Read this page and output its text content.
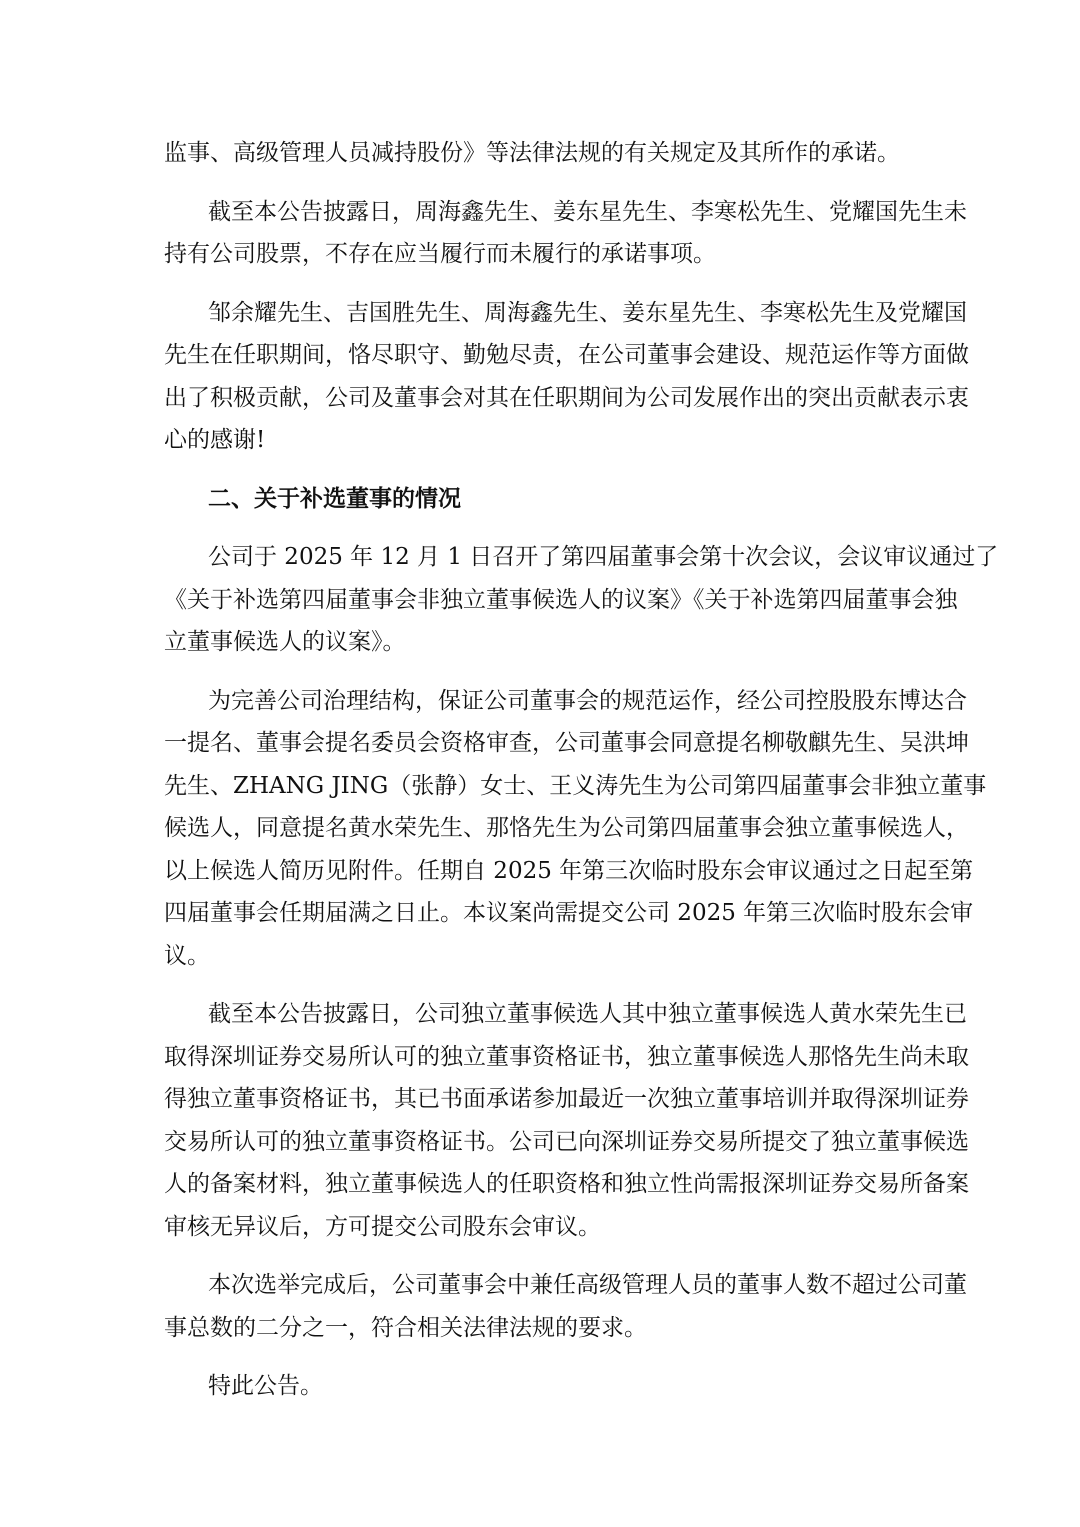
监事、高级管理人员减持股份》等法律法规的有关规定及其所作的承诺。
截至本公告披露日，周海鑫先生、姜东星先生、李寒松先生、党耀国先生未
持有公司股票，不存在应当履行而未履行的承诺事项。
邹余耀先生、吉国胜先生、周海鑫先生、姜东星先生、李寒松先生及党耀国
先生在任职期间，恪尽职守、勤勉尽责，在公司董事会建设、规范运作等方面做
出了积极贡献，公司及董事会对其在任职期间为公司发展作出的突出贡献表示衷
心的感谢!
二、关于补选董事的情况
公司于 2025 年 12 月 1 日召开了第四届董事会第十次会议，会议审议通过了
《关于补选第四届董事会非独立董事候选人的议案》《关于补选第四届董事会独
立董事候选人的议案》。
为完善公司治理结构，保证公司董事会的规范运作，经公司控股股东博达合
一提名、董事会提名委员会资格审查，公司董事会同意提名柳敬麒先生、吴洪坤
先生、ZHANG JING（张静）女士、王义涛先生为公司第四届董事会非独立董事
候选人，同意提名黄水荣先生、那恪先生为公司第四届董事会独立董事候选人，
以上候选人简历见附件。任期自 2025 年第三次临时股东会审议通过之日起至第
四届董事会任期届满之日止。本议案尚需提交公司 2025 年第三次临时股东会审
议。
截至本公告披露日，公司独立董事候选人其中独立董事候选人黄水荣先生已
取得深圳证券交易所认可的独立董事资格证书，独立董事候选人那恪先生尚未取
得独立董事资格证书，其已书面承诺参加最近一次独立董事培训并取得深圳证券
交易所认可的独立董事资格证书。公司已向深圳证券交易所提交了独立董事候选
人的备案材料，独立董事候选人的任职资格和独立性尚需报深圳证券交易所备案
审核无异议后，方可提交公司股东会审议。
本次选举完成后，公司董事会中兼任高级管理人员的董事人数不超过公司董
事总数的二分之一，符合相关法律法规的要求。
特此公告。
